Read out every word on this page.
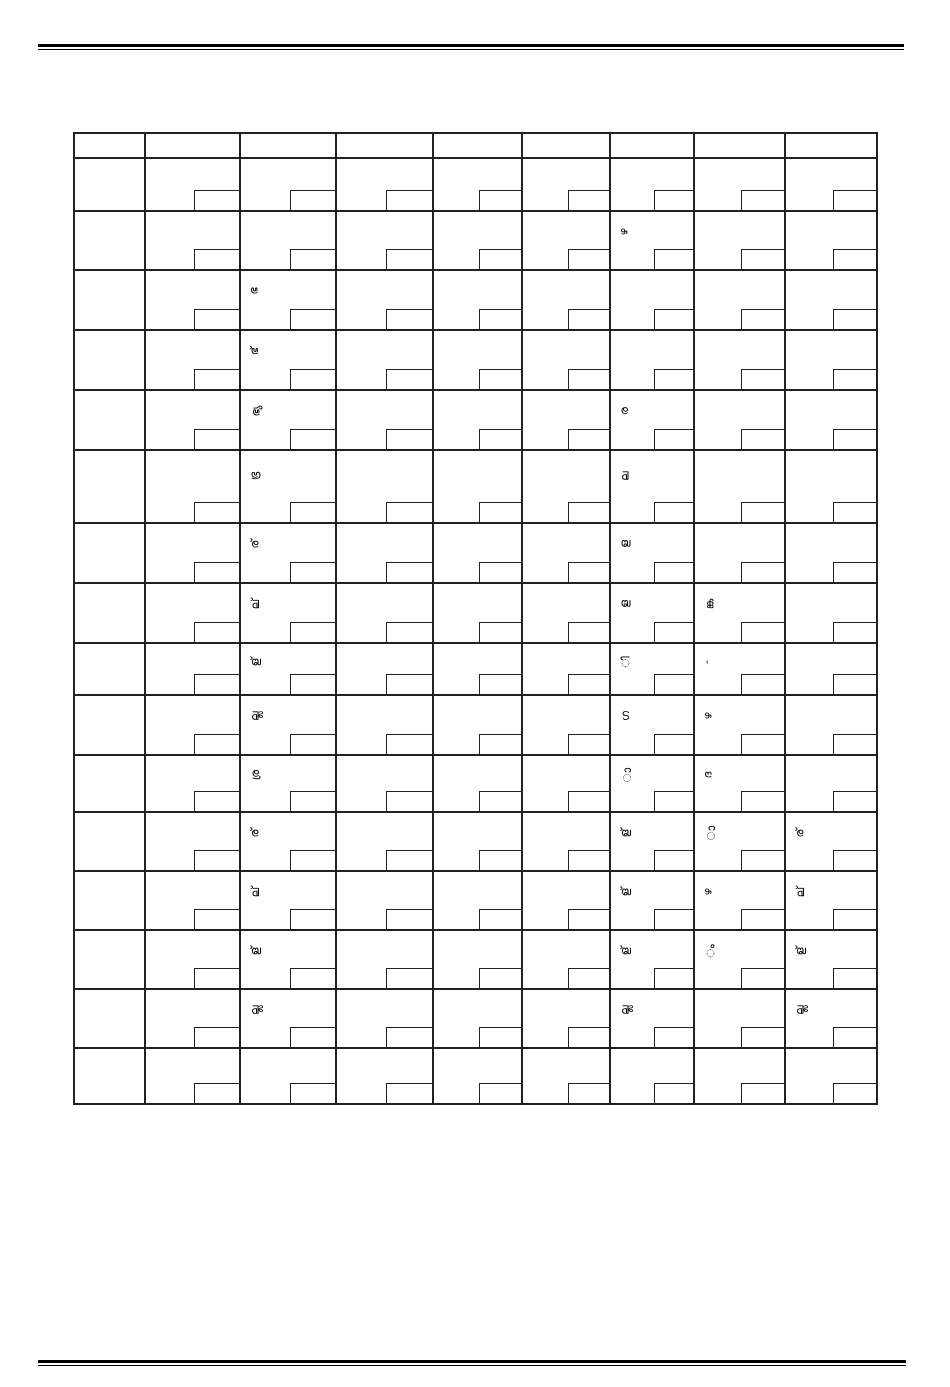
						ഴ		

		ഭ						

		ഭ്						

		ഭ്യ				ര		

		ഭ്ര				ല		

		ര്				ള		

		ല്				ള	ങ്ക	

		ള്				ി	-	

		ല്ല				ഗ	ഴ	

		ര്ര				ാ	ദ	

		ര്				ള്	ാ	ര്

		ല്				ള്	ഴ	ല്

		ള്				ള്	ം	ള്

		ല്ല				ല്ല		ല്ല
